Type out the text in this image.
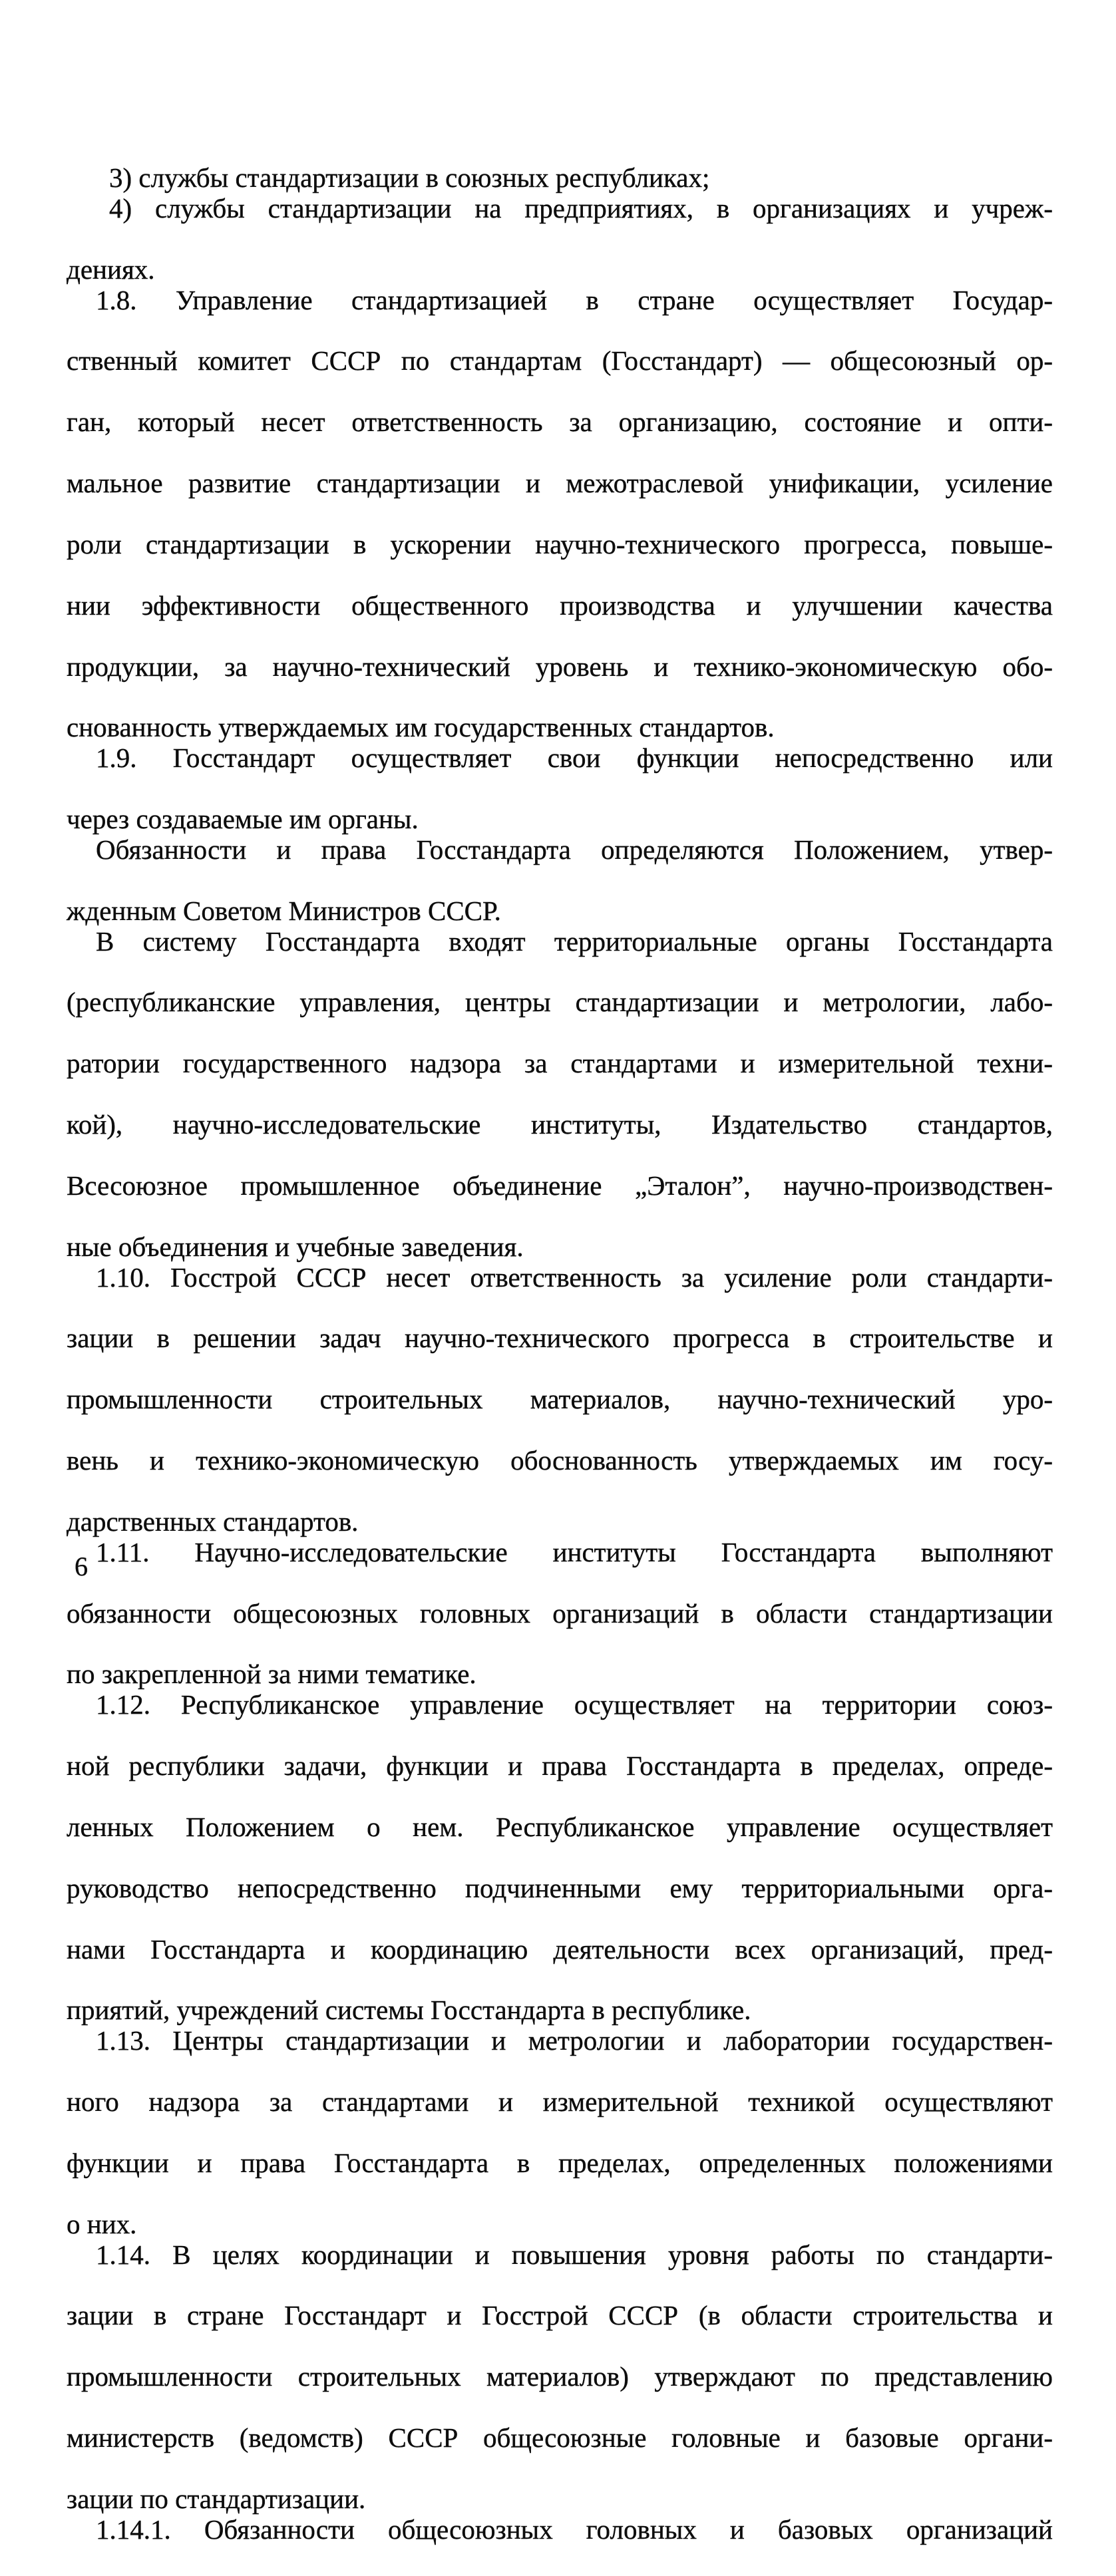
3) службы стандартизации в союзных республиках;
4) службы стандартизации на предприятиях, в организациях и учреж-
дениях.
1.8. Управление стандартизацией в стране осуществляет Государ-
ственный комитет СССР по стандартам (Госстандарт) — общесоюзный ор-
ган, который несет ответственность за организацию, состояние и опти-
мальное развитие стандартизации и межотраслевой унификации, усиление
роли стандартизации в ускорении научно-технического прогресса, повыше-
нии эффективности общественного производства и улучшении качества
продукции, за научно-технический уровень и технико-экономическую обо-
снованность утверждаемых им государственных стандартов.
1.9. Госстандарт осуществляет свои функции непосредственно или
через создаваемые им органы.
Обязанности и права Госстандарта определяются Положением, утвер-
жденным Советом Министров СССР.
В систему Госстандарта входят территориальные органы Госстандарта
(республиканские управления, центры стандартизации и метрологии, лабо-
ратории государственного надзора за стандартами и измерительной техни-
кой), научно-исследовательские институты, Издательство стандартов,
Всесоюзное промышленное объединение „Эталон”, научно-производствен-
ные объединения и учебные заведения.
1.10. Госстрой СССР несет ответственность за усиление роли стандарти-
зации в решении задач научно-технического прогресса в строительстве и
промышленности строительных материалов, научно-технический уро-
вень и технико-экономическую обоснованность утверждаемых им госу-
дарственных стандартов.
1.11. Научно-исследовательские институты Госстандарта выполняют
обязанности общесоюзных головных организаций в области стандартизации
по закрепленной за ними тематике.
1.12. Республиканское управление осуществляет на территории союз-
ной республики задачи, функции и права Госстандарта в пределах, опреде-
ленных Положением о нем. Республиканское управление осуществляет
руководство непосредственно подчиненными ему территориальными орга-
нами Госстандарта и координацию деятельности всех организаций, пред-
приятий, учреждений системы Госстандарта в республике.
1.13. Центры стандартизации и метрологии и лаборатории государствен-
ного надзора за стандартами и измерительной техникой осуществляют
функции и права Госстандарта в пределах, определенных положениями
о них.
1.14. В целях координации и повышения уровня работы по стандарти-
зации в стране Госстандарт и Госстрой СССР (в области строительства и
промышленности строительных материалов) утверждают по представлению
министерств (ведомств) СССР общесоюзные головные и базовые органи-
зации по стандартизации.
1.14.1. Обязанности общесоюзных головных и базовых организаций
6
